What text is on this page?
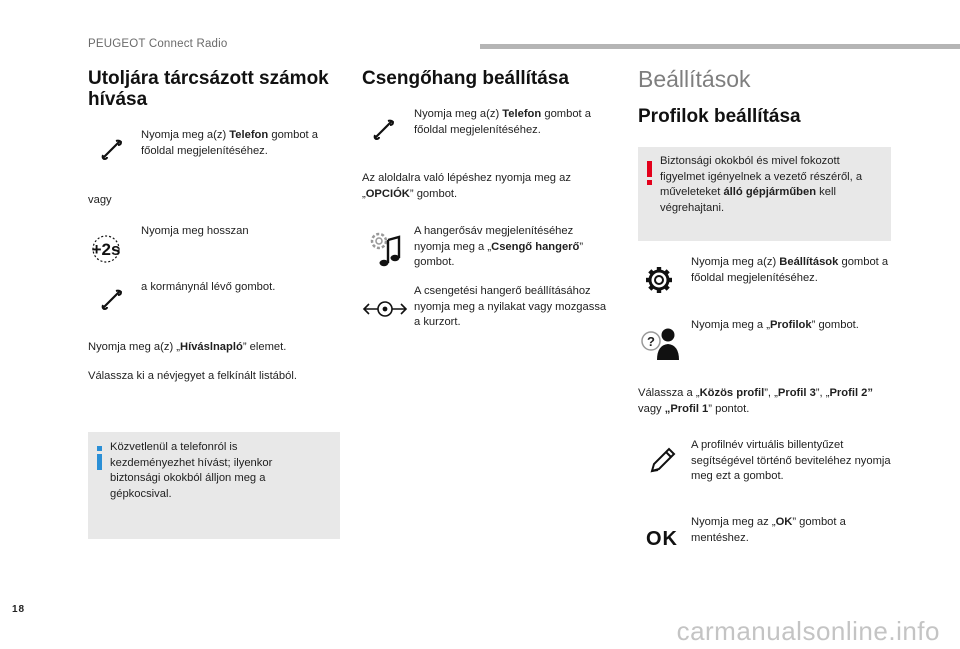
PEUGEOT Connect Radio
Utoljára tárcsázott számok hívása
Nyomja meg a(z) Telefon gombot a főoldal megjelenítéséhez.
vagy
+2s
Nyomja meg hosszan
a kormánynál lévő gombot.
Nyomja meg a(z) „Híváslnapló” elemet.
Válassza ki a névjegyet a felkínált listából.
Közvetlenül a telefonról is kezdeményezhet hívást; ilyenkor biztonsági okokból álljon meg a gépkocsival.
Csengőhang beállítása
Nyomja meg a(z) Telefon gombot a főoldal megjelenítéséhez.
Az aloldalra való lépéshez nyomja meg az „OPCIÓK” gombot.
A hangerősáv megjelenítéséhez nyomja meg a „Csengő hangerő” gombot.
A csengetési hangerő beállításához nyomja meg a nyilakat vagy mozgassa a kurzort.
Beállítások
Profilok beállítása
Biztonsági okokból és mivel fokozott figyelmet igényelnek a vezető részéről, a műveleteket álló gépjárműben kell végrehajtani.
Nyomja meg a(z) Beállítások gombot a főoldal megjelenítéséhez.
?
Nyomja meg a „Profilok” gombot.
Válassza a „Közös profil”, „Profil 3”, „Profil 2” vagy „Profil 1” pontot.
A profilnév virtuális billentyűzet segítségével történő beviteléhez nyomja meg ezt a gombot.
OK
Nyomja meg az „OK” gombot a mentéshez.
18
carmanualsonline.info
